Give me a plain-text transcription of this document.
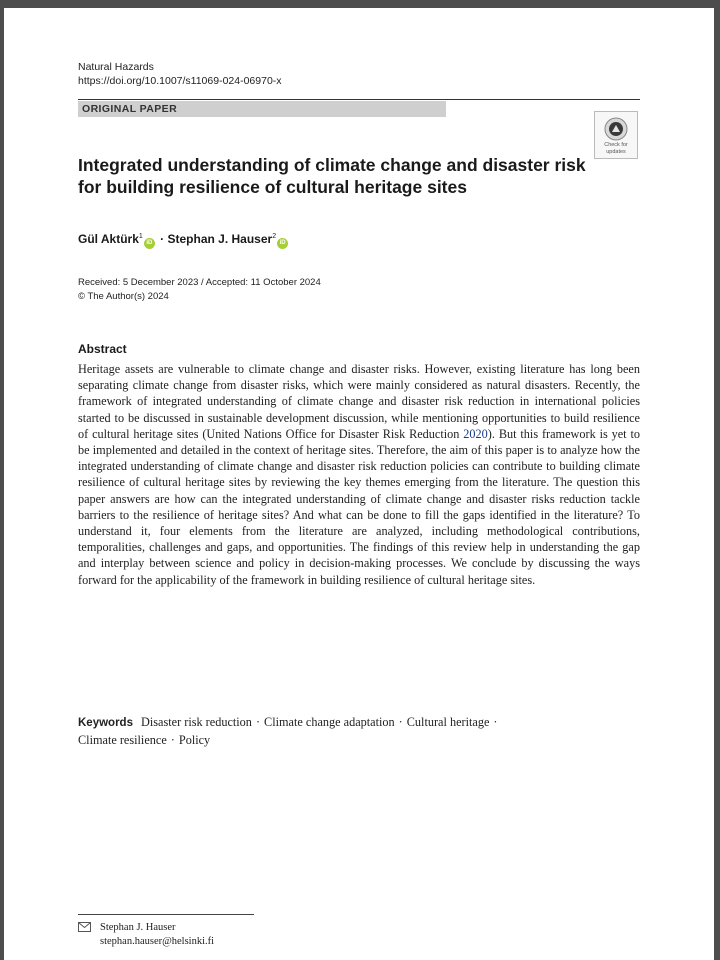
Natural Hazards
https://doi.org/10.1007/s11069-024-06970-x
ORIGINAL PAPER
Check for
updates
Integrated understanding of climate change and disaster risk for building resilience of cultural heritage sites
Gül Aktürk$^1$iD · Stephan J. Hauser$^2$iD
Received: 5 December 2023 / Accepted: 11 October 2024
© The Author(s) 2024
Abstract

Heritage assets are vulnerable to climate change and disaster risks. However, existing literature has long been separating climate change from disaster risks, which were mainly considered as natural disasters. Recently, the framework of integrated understanding of climate change and disaster risk reduction in international policies started to be discussed in sustainable development discussion, while mentioning opportunities to build resilience of cultural heritage sites (United Nations Office for Disaster Risk Reduction 2020). But this framework is yet to be implemented and detailed in the context of heritage sites. Therefore, the aim of this paper is to analyze how the integrated understanding of climate change and disaster risk reduction policies can contribute to building climate resilience of cultural heritage sites by reviewing the key themes emerging from the literature. The question this paper answers are how can the integrated understanding of climate change and disaster risks reduction tackle barriers to the resilience of heritage sites? And what can be done to fill the gaps identified in the literature? To understand it, four elements from the literature are analyzed, including methodological contributions, temporalities, challenges and gaps, and opportunities. The findings of this review help in understanding the gap and interplay between science and policy in decision-making processes. We conclude by discussing the ways forward for the applicability of the framework in building resilience of cultural heritage sites.

Keywords Disaster risk reduction · Climate change adaptation · Cultural heritage ·
Climate resilience · Policy
Stephan J. Hauser
stephan.hauser@helsinki.fi
